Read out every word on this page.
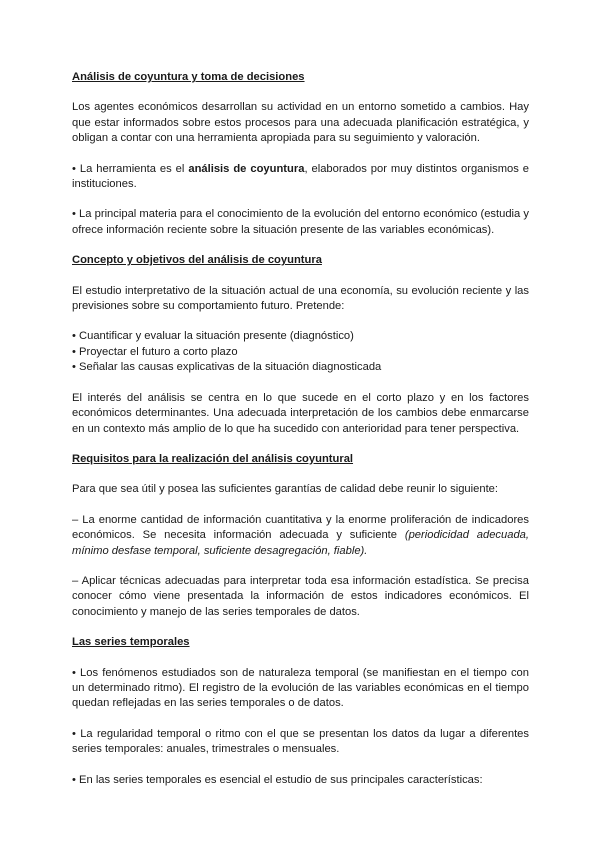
Análisis de coyuntura y toma de decisiones

Los agentes económicos desarrollan su actividad en un entorno sometido a cambios. Hay que estar informados sobre estos procesos para una adecuada planificación estratégica, y obligan a contar con una herramienta apropiada para su seguimiento y valoración.

• La herramienta es el análisis de coyuntura, elaborados por muy distintos organismos e instituciones.

• La principal materia para el conocimiento de la evolución del entorno económico (estudia y ofrece información reciente sobre la situación presente de las variables económicas).

Concepto y objetivos del análisis de coyuntura

El estudio interpretativo de la situación actual de una economía, su evolución reciente y las previsiones sobre su comportamiento futuro. Pretende:

• Cuantificar y evaluar la situación presente (diagnóstico)

• Proyectar el futuro a corto plazo

• Señalar las causas explicativas de la situación diagnosticada

El interés del análisis se centra en lo que sucede en el corto plazo y en los factores económicos determinantes. Una adecuada interpretación de los cambios debe enmarcarse en un contexto más amplio de lo que ha sucedido con anterioridad para tener perspectiva.

Requisitos para la realización del análisis coyuntural

Para que sea útil y posea las suficientes garantías de calidad debe reunir lo siguiente:

– La enorme cantidad de información cuantitativa y la enorme proliferación de indicadores económicos. Se necesita información adecuada y suficiente (periodicidad adecuada, mínimo desfase temporal, suficiente desagregación, fiable).

– Aplicar técnicas adecuadas para interpretar toda esa información estadística. Se precisa conocer cómo viene presentada la información de estos indicadores económicos. El conocimiento y manejo de las series temporales de datos.

Las series temporales

• Los fenómenos estudiados son de naturaleza temporal (se manifiestan en el tiempo con un determinado ritmo). El registro de la evolución de las variables económicas en el tiempo quedan reflejadas en las series temporales o de datos.

• La regularidad temporal o ritmo con el que se presentan los datos da lugar a diferentes series temporales: anuales, trimestrales o mensuales.

• En las series temporales es esencial el estudio de sus principales características:
